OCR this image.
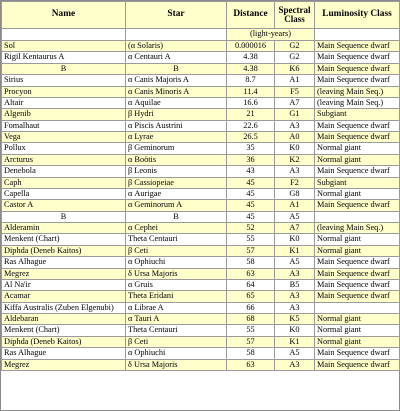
Name	Star	Distance	Spectral Class	Luminosity Class
		(light-years)		
Sol	(α Solaris)	0.000016	G2	Main Sequence dwarf
Rigil Kentaurus A	α Centauri A	4.38	G2	Main Sequence dwarf
B	B	4.38	K6	Main Sequence dwarf
Sirius	α Canis Majoris A	8.7	A1	Main Sequence dwarf
Procyon	α Canis Minoris A	11.4	F5	(leaving Main Seq.)
Altair	α Aquilae	16.6	A7	(leaving Main Seq.)
Algenib	β Hydri	21	G1	Subgiant
Fomalhaut	α Piscis Austrini	22.6	A3	Main Sequence dwarf
Vega	α Lyrae	26.5	A0	Main Sequence dwarf
Pollux	β Geminorum	35	K0	Normal giant
Arcturus	α Boötis	36	K2	Normal giant
Denebola	β Leonis	43	A3	Main Sequence dwarf
Caph	β Cassiopeiae	45	F2	Subgiant
Capella	α Aurigae	45	G8	Normal giant
Castor A	α Geminorum A	45	A1	Main Sequence dwarf
B	B	45	A5	
Alderamin	α Cephei	52	A7	(leaving Main Seq.)
Menkent (Chart)	Theta Centauri	55	K0	Normal giant
Diphda (Deneb Kaitos)	β Ceti	57	K1	Normal giant
Ras Alhague	α Ophiuchi	58	A5	Main Sequence dwarf
Megrez	δ Ursa Majoris	63	A3	Main Sequence dwarf
Al Na'ir	α Gruis	64	B5	Main Sequence dwarf
Acamar	Theta Eridani	65	A3	Main Sequence dwarf
Kiffa Australis (Zuben Elgenubi)	α Librae A	66	A3	
Aldebaran	α Tauri A	68	K5	Normal giant
Menkent (Chart)	Theta Centauri	55	K0	Normal giant
Diphda (Deneb Kaitos)	β Ceti	57	K1	Normal giant
Ras Alhague	α Ophiuchi	58	A5	Main Sequence dwarf
Megrez	δ Ursa Majoris	63	A3	Main Sequence dwarf
